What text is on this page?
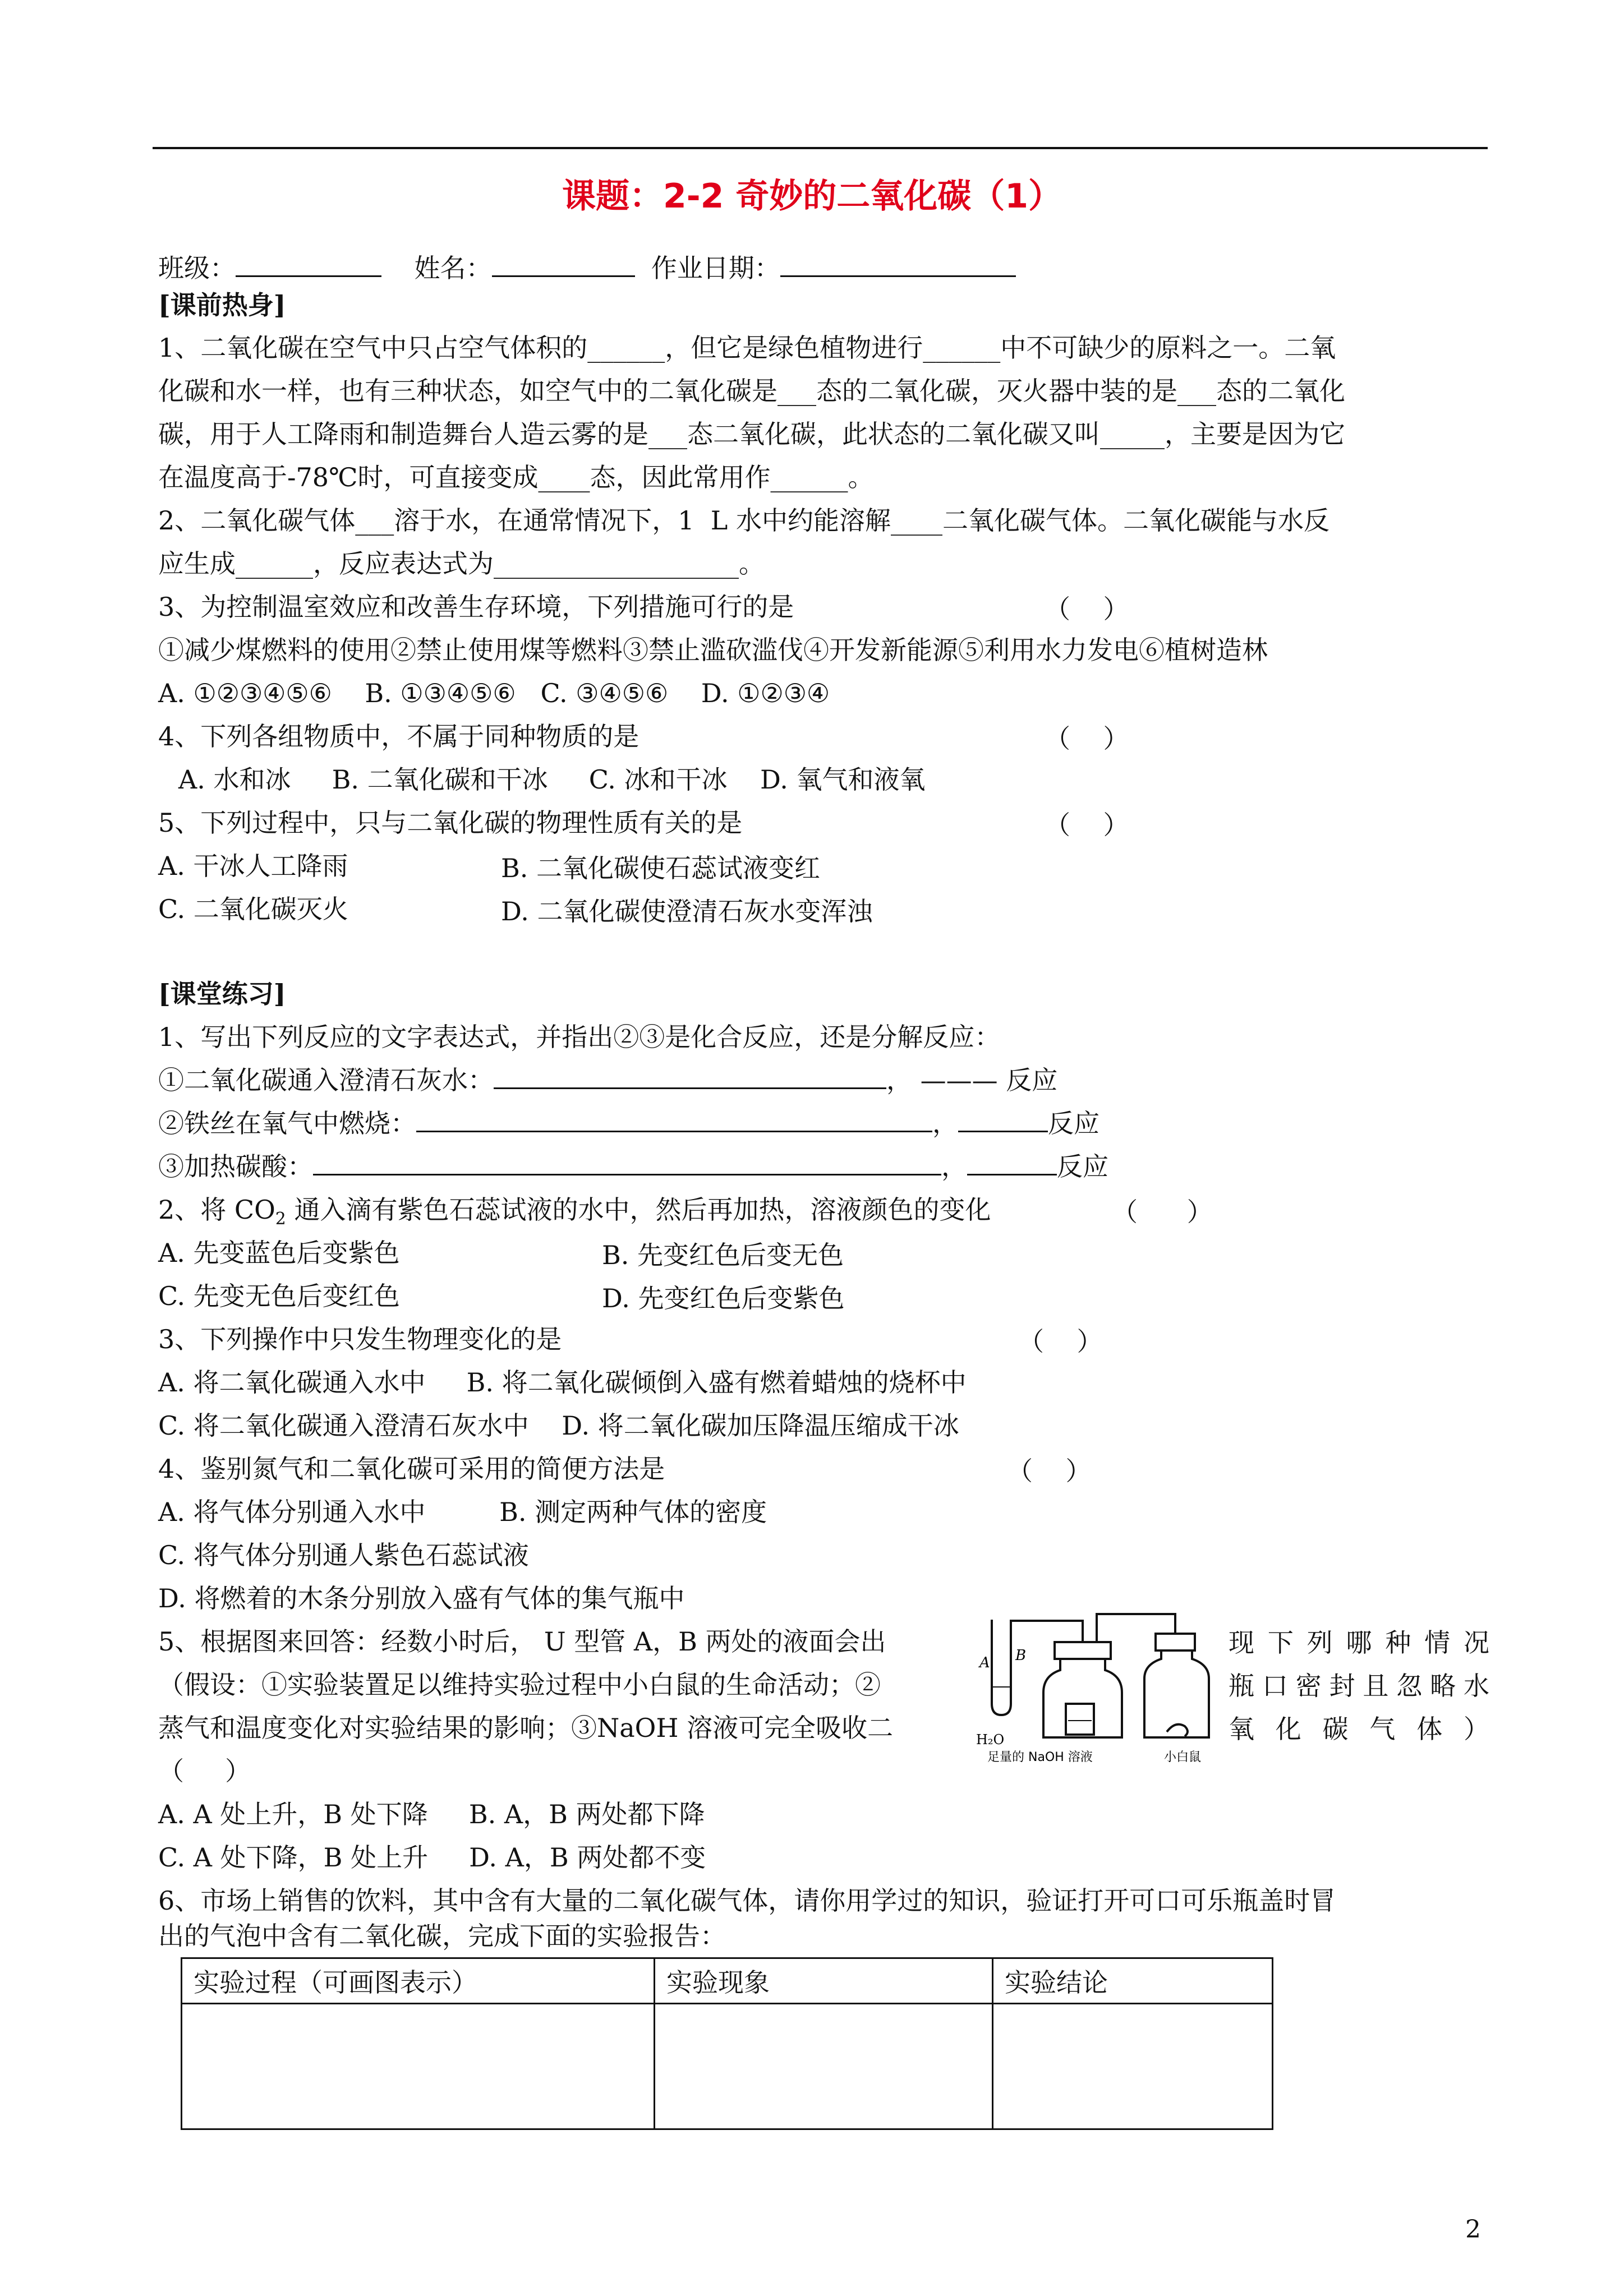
课题：2-2 奇妙的二氧化碳（1）
班级：	姓名：	作业日期：
[课前热身]
1、二氧化碳在空气中只占空气体积的______，但它是绿色植物进行______中不可缺少的原料之一。二氧
化碳和水一样，也有三种状态，如空气中的二氧化碳是___态的二氧化碳，灭火器中装的是___态的二氧化
碳，用于人工降雨和制造舞台人造云雾的是___态二氧化碳，此状态的二氧化碳又叫_____，主要是因为它
在温度高于-78℃时，可直接变成____态，因此常用作______。
2、二氧化碳气体___溶于水，在通常情况下，1  L 水中约能溶解____二氧化碳气体。二氧化碳能与水反
应生成______，反应表达式为___________________。
3、为控制温室效应和改善生存环境，下列措施可行的是	（    ）
①减少煤燃料的使用②禁止使用煤等燃料③禁止滥砍滥伐④开发新能源⑤利用水力发电⑥植树造林
A. ①②③④⑤⑥    B. ①③④⑤⑥   C. ③④⑤⑥    D. ①②③④
4、下列各组物质中，不属于同种物质的是	（    ）
A. 水和冰     B. 二氧化碳和干冰     C. 冰和干冰    D. 氧气和液氧
5、下列过程中，只与二氧化碳的物理性质有关的是	（    ）
A. 干冰人工降雨	B. 二氧化碳使石蕊试液变红
C. 二氧化碳灭火	D. 二氧化碳使澄清石灰水变浑浊
[课堂练习]
1、写出下列反应的文字表达式，并指出②③是化合反应，还是分解反应：
①二氧化碳通入澄清石灰水：	， ——— 反应
②铁丝在氧气中燃烧：	，	反应
③加热碳酸：	，	反应
2、将 $CO_2$ 通入滴有紫色石蕊试液的水中，然后再加热，溶液颜色的变化	（      ）
A. 先变蓝色后变紫色	B. 先变红色后变无色
C. 先变无色后变红色	D. 先变红色后变紫色
3、下列操作中只发生物理变化的是	（    ）
A. 将二氧化碳通入水中     B. 将二氧化碳倾倒入盛有燃着蜡烛的烧杯中
C. 将二氧化碳通入澄清石灰水中    D. 将二氧化碳加压降温压缩成干冰
4、鉴别氮气和二氧化碳可采用的简便方法是	（    ）
A. 将气体分别通入水中         B. 测定两种气体的密度
C. 将气体分别通人紫色石蕊试液
D. 将燃着的木条分别放入盛有气体的集气瓶中
5、根据图来回答：经数小时后， U 型管 A，B 两处的液面会出
（假设：①实验装置足以维持实验过程中小白鼠的生命活动；②
蒸气和温度变化对实验结果的影响；③NaOH 溶液可完全吸收二
（     ）
现下列哪种情况
瓶口密封且忽略水
氧 化 碳 气 体 ）
A B
H₂O
足量的 NaOH 溶液	小白鼠
A. A 处上升，B 处下降     B. A，B 两处都下降
C. A 处下降，B 处上升     D. A，B 两处都不变
6、市场上销售的饮料，其中含有大量的二氧化碳气体，请你用学过的知识，验证打开可口可乐瓶盖时冒
出的气泡中含有二氧化碳，完成下面的实验报告：
实验过程（可画图表示）	实验现象	实验结论

2
